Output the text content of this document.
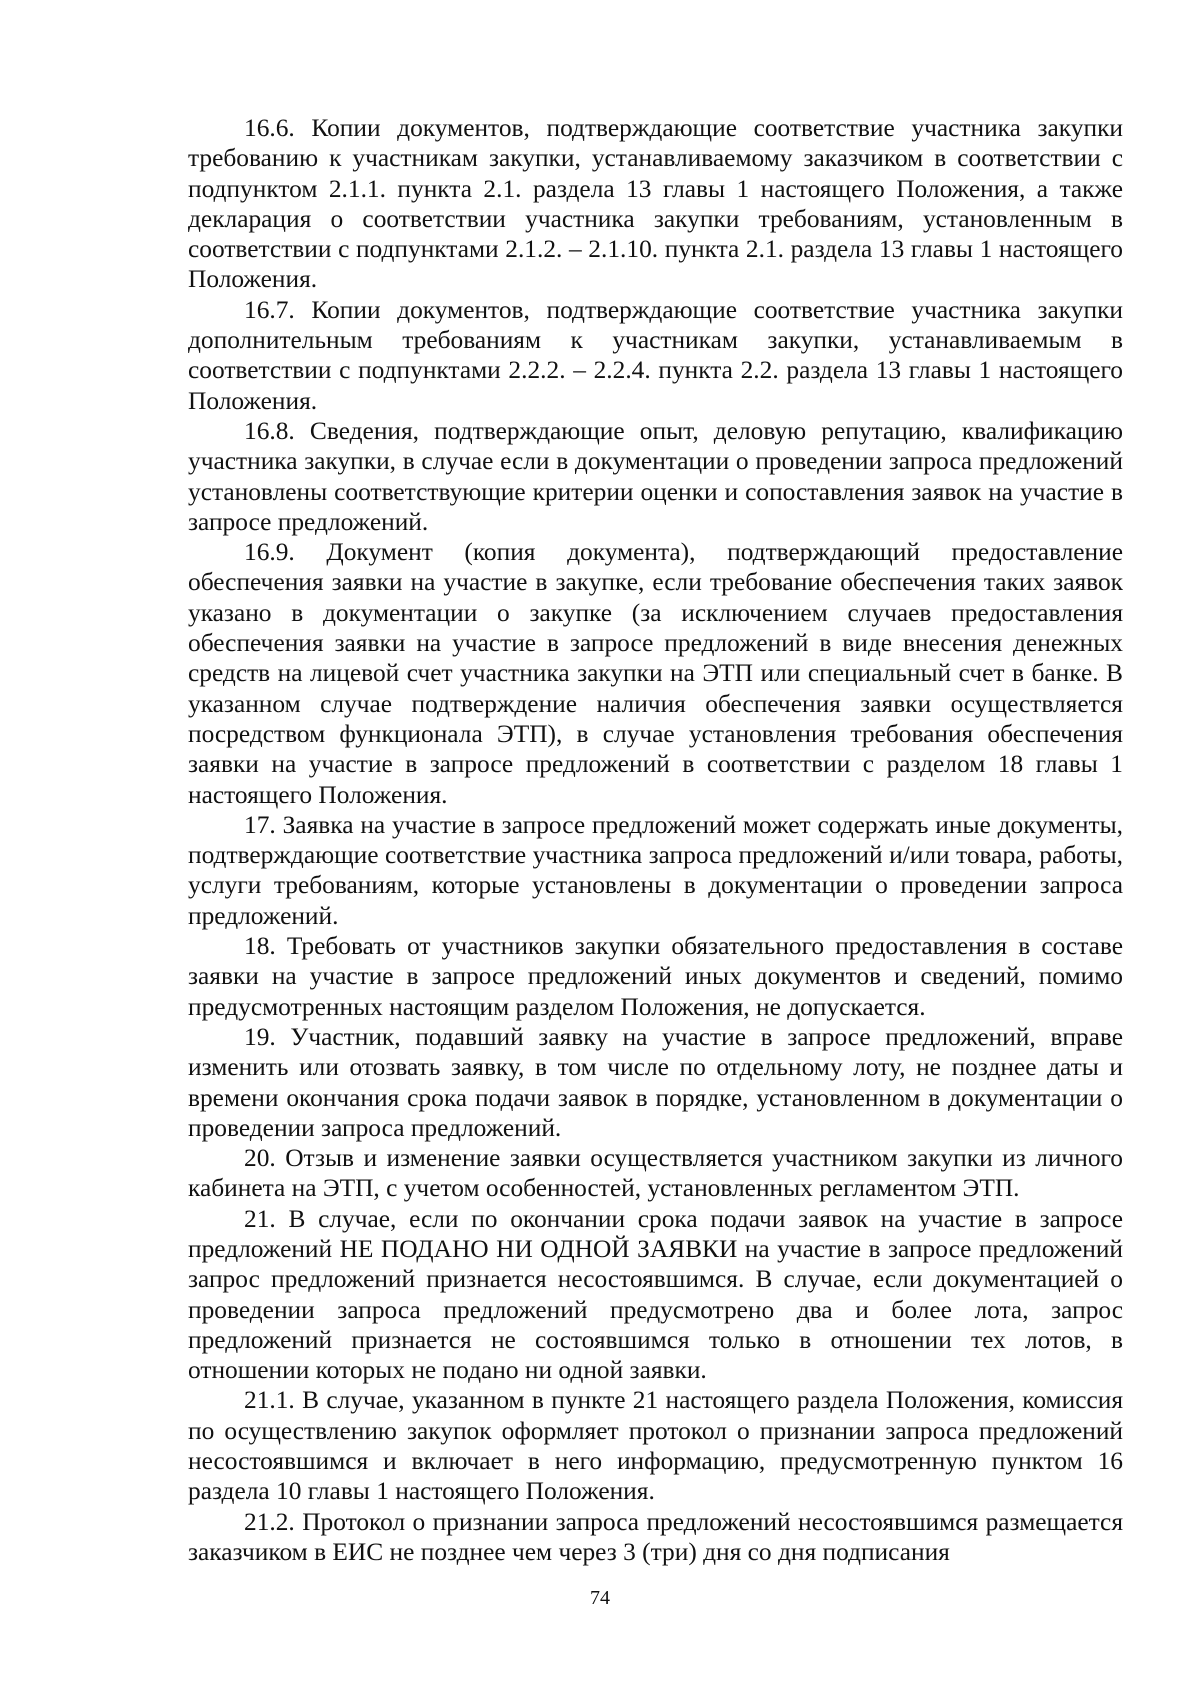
16.6. Копии документов, подтверждающие соответствие участника закупки требованию к участникам закупки, устанавливаемому заказчиком в соответствии с подпунктом 2.1.1. пункта 2.1. раздела 13 главы 1 настоящего Положения, а также декларация о соответствии участника закупки требованиям, установленным в соответствии с подпунктами 2.1.2. – 2.1.10. пункта 2.1. раздела 13 главы 1 настоящего Положения.

16.7. Копии документов, подтверждающие соответствие участника закупки дополнительным требованиям к участникам закупки, устанавливаемым в соответствии с подпунктами 2.2.2. – 2.2.4. пункта 2.2. раздела 13 главы 1 настоящего Положения.

16.8. Сведения, подтверждающие опыт, деловую репутацию, квалификацию участника закупки, в случае если в документации о проведении запроса предложений установлены соответствующие критерии оценки и сопоставления заявок на участие в запросе предложений.

16.9. Документ (копия документа), подтверждающий предоставление обеспечения заявки на участие в закупке, если требование обеспечения таких заявок указано в документации о закупке (за исключением случаев предоставления обеспечения заявки на участие в запросе предложений в виде внесения денежных средств на лицевой счет участника закупки на ЭТП или специальный счет в банке. В указанном случае подтверждение наличия обеспечения заявки осуществляется посредством функционала ЭТП), в случае установления требования обеспечения заявки на участие в запросе предложений в соответствии с разделом 18 главы 1 настоящего Положения.

17. Заявка на участие в запросе предложений может содержать иные документы, подтверждающие соответствие участника запроса предложений и/или товара, работы, услуги требованиям, которые установлены в документации о проведении запроса предложений.

18. Требовать от участников закупки обязательного предоставления в составе заявки на участие в запросе предложений иных документов и сведений, помимо предусмотренных настоящим разделом Положения, не допускается.

19. Участник, подавший заявку на участие в запросе предложений, вправе изменить или отозвать заявку, в том числе по отдельному лоту, не позднее даты и времени окончания срока подачи заявок в порядке, установленном в документации о проведении запроса предложений.

20. Отзыв и изменение заявки осуществляется участником закупки из личного кабинета на ЭТП, с учетом особенностей, установленных регламентом ЭТП.

21. В случае, если по окончании срока подачи заявок на участие в запросе предложений НЕ ПОДАНО НИ ОДНОЙ ЗАЯВКИ на участие в запросе предложений запрос предложений признается несостоявшимся. В случае, если документацией о проведении запроса предложений предусмотрено два и более лота, запрос предложений признается не состоявшимся только в отношении тех лотов, в отношении которых не подано ни одной заявки.

21.1. В случае, указанном в пункте 21 настоящего раздела Положения, комиссия по осуществлению закупок оформляет протокол о признании запроса предложений несостоявшимся и включает в него информацию, предусмотренную пунктом 16 раздела 10 главы 1 настоящего Положения.

21.2. Протокол о признании запроса предложений несостоявшимся размещается заказчиком в ЕИС не позднее чем через 3 (три) дня со дня подписания

74
